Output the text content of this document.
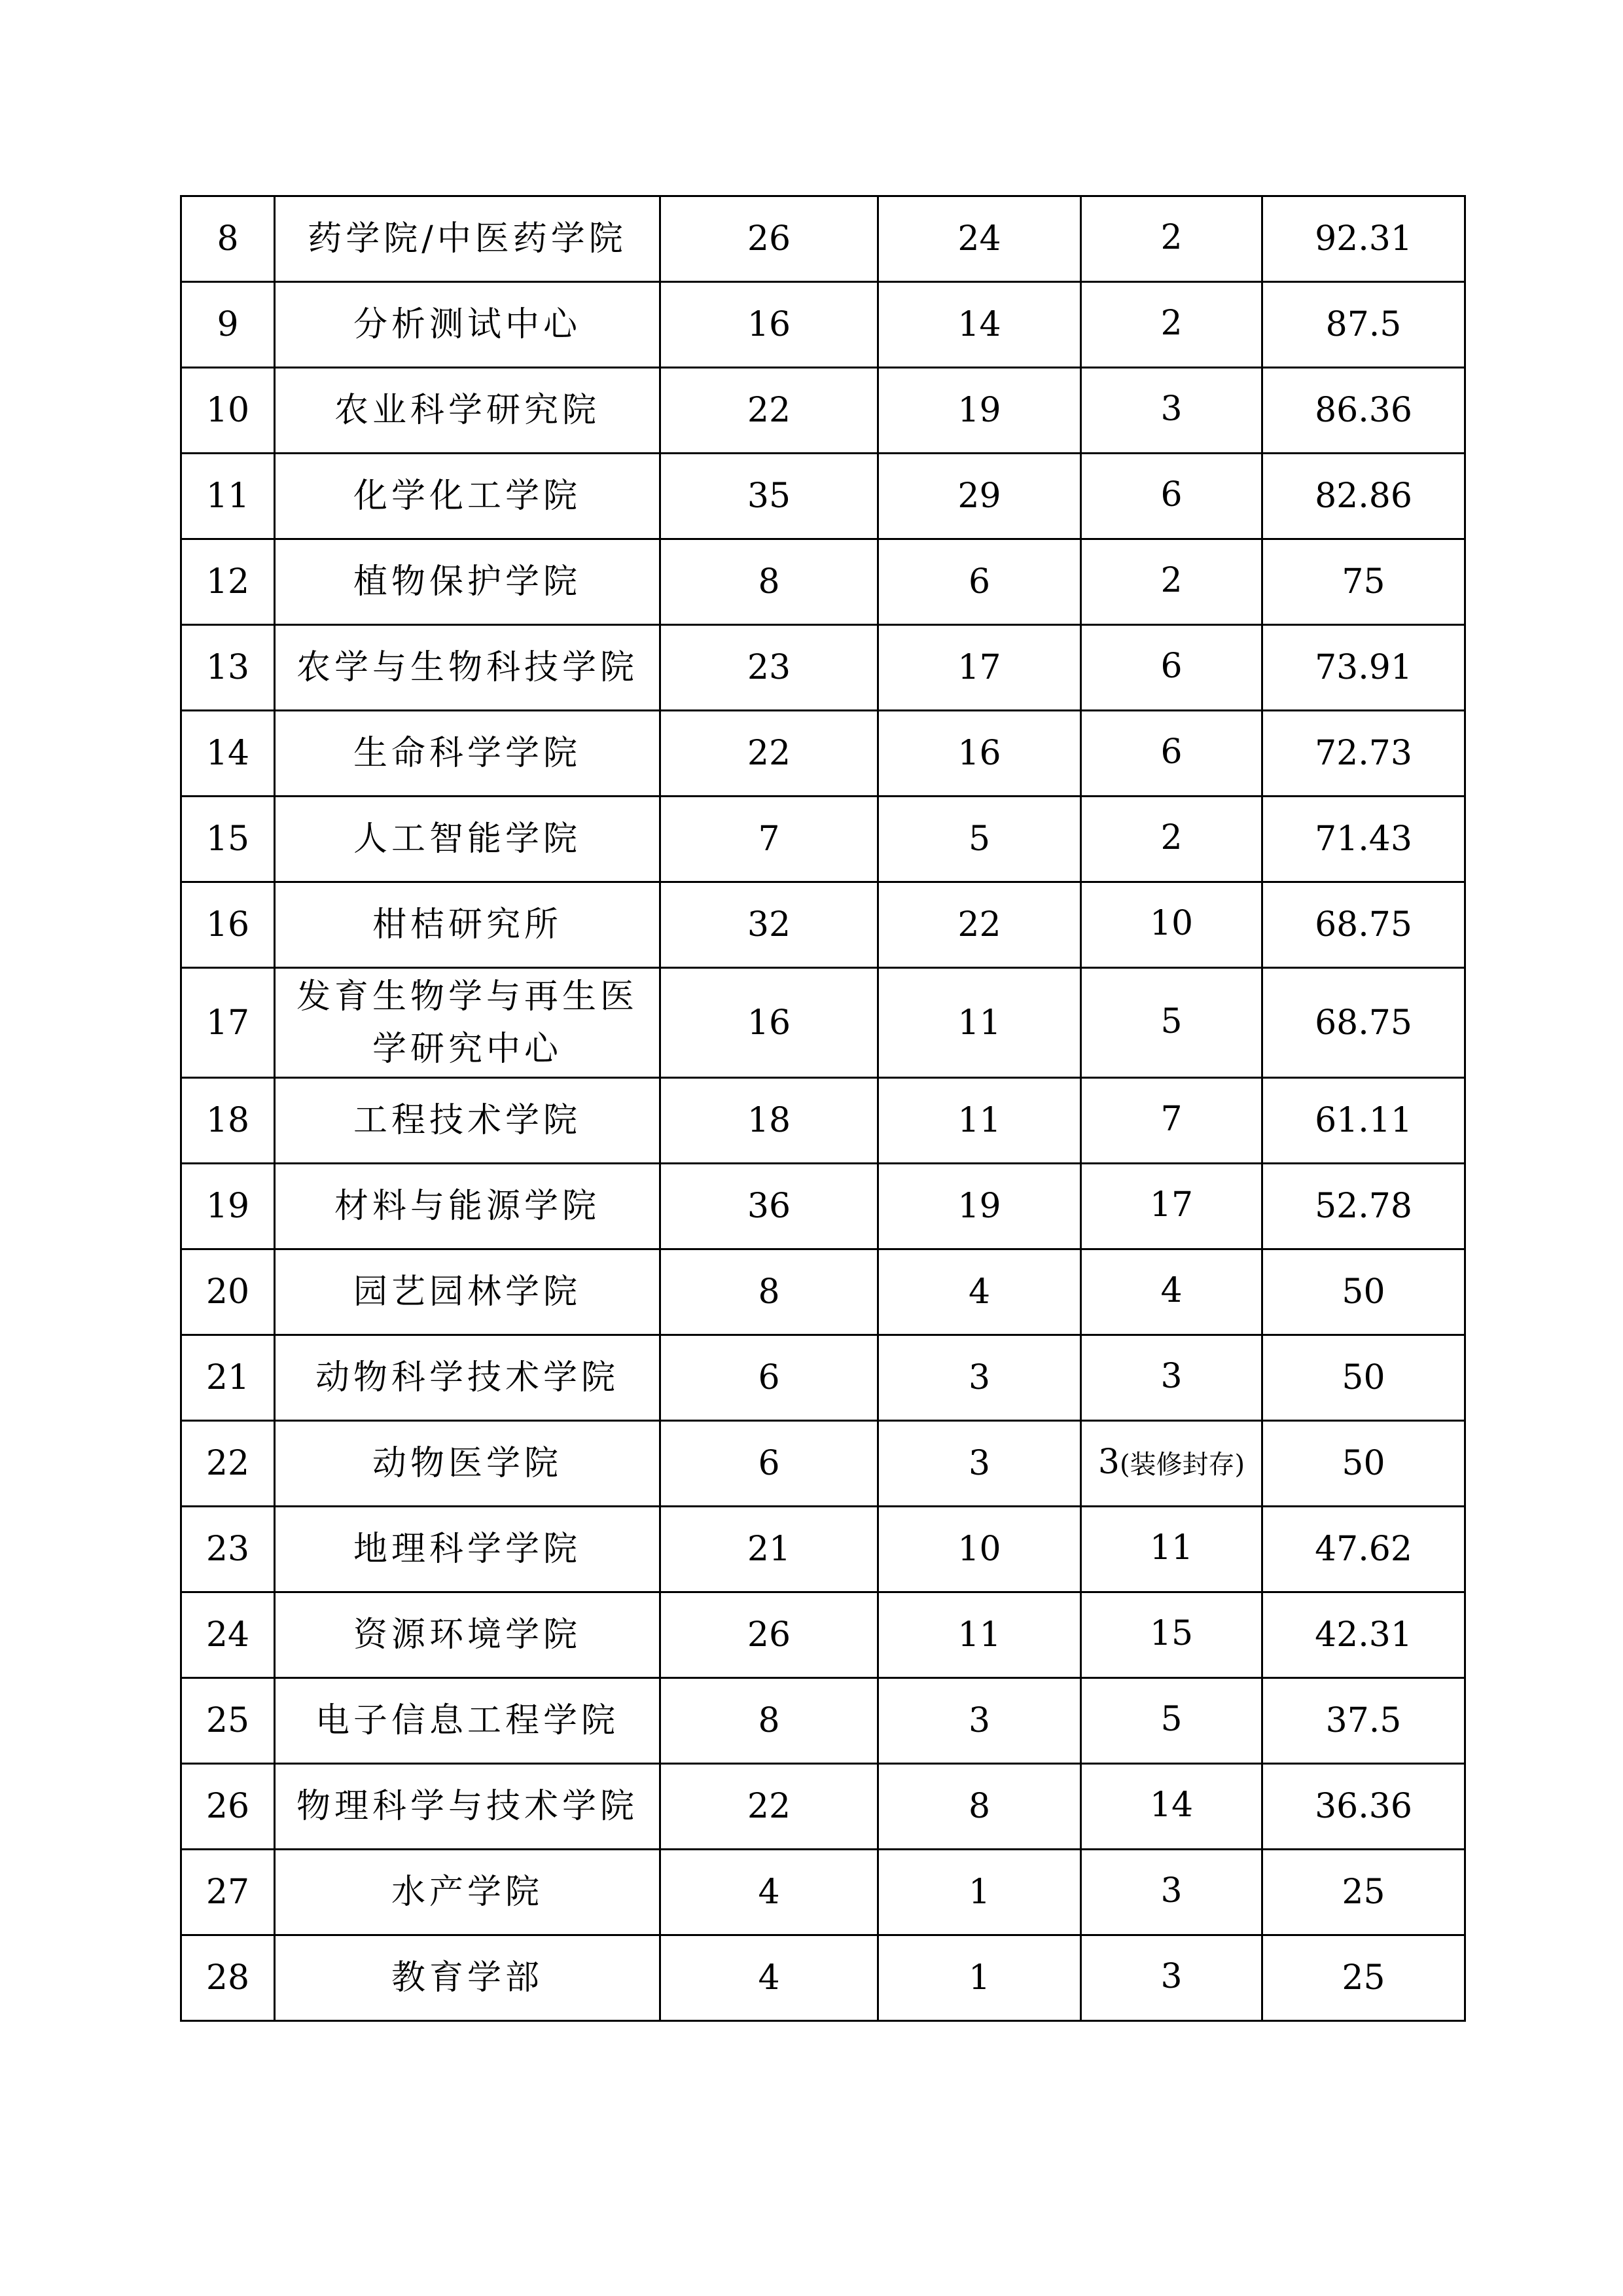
8	药学院/中医药学院	26	24	2	92.31
9	分析测试中心	16	14	2	87.5
10	农业科学研究院	22	19	3	86.36
11	化学化工学院	35	29	6	82.86
12	植物保护学院	8	6	2	75
13	农学与生物科技学院	23	17	6	73.91
14	生命科学学院	22	16	6	72.73
15	人工智能学院	7	5	2	71.43
16	柑桔研究所	32	22	10	68.75
17	发育生物学与再生医学研究中心	16	11	5	68.75
18	工程技术学院	18	11	7	61.11
19	材料与能源学院	36	19	17	52.78
20	园艺园林学院	8	4	4	50
21	动物科学技术学院	6	3	3	50
22	动物医学院	6	3	3(装修封存)	50
23	地理科学学院	21	10	11	47.62
24	资源环境学院	26	11	15	42.31
25	电子信息工程学院	8	3	5	37.5
26	物理科学与技术学院	22	8	14	36.36
27	水产学院	4	1	3	25
28	教育学部	4	1	3	25
